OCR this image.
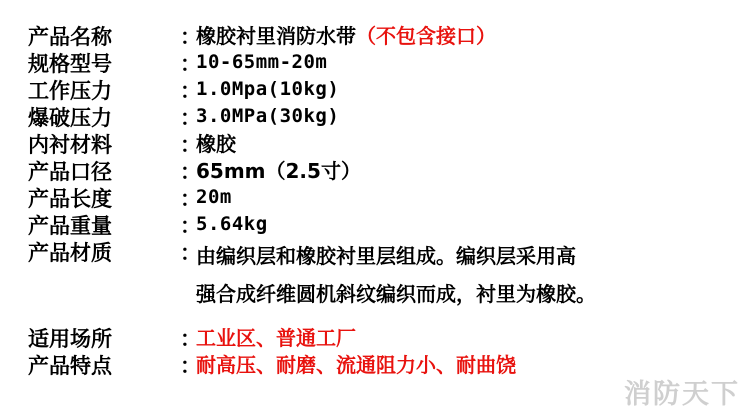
产品名称	：
橡胶衬里消防水带（不包含接口）
规格型号	：
10-65mm-20m
工作压力	：
1.0Mpa(10kg)
爆破压力	：
3.0MPa(30kg)
内衬材料	：
橡胶
产品口径	：
65mm（2.5寸）
产品长度	：
20m
产品重量	：
5.64kg
产品材质	：
由编织层和橡胶衬里层组成。编织层采用高
强合成纤维圆机斜纹编织而成，衬里为橡胶。
适用场所	：
工业区、普通工厂
产品特点	：
耐高压、耐磨、流通阻力小、耐曲饶
消防天下
